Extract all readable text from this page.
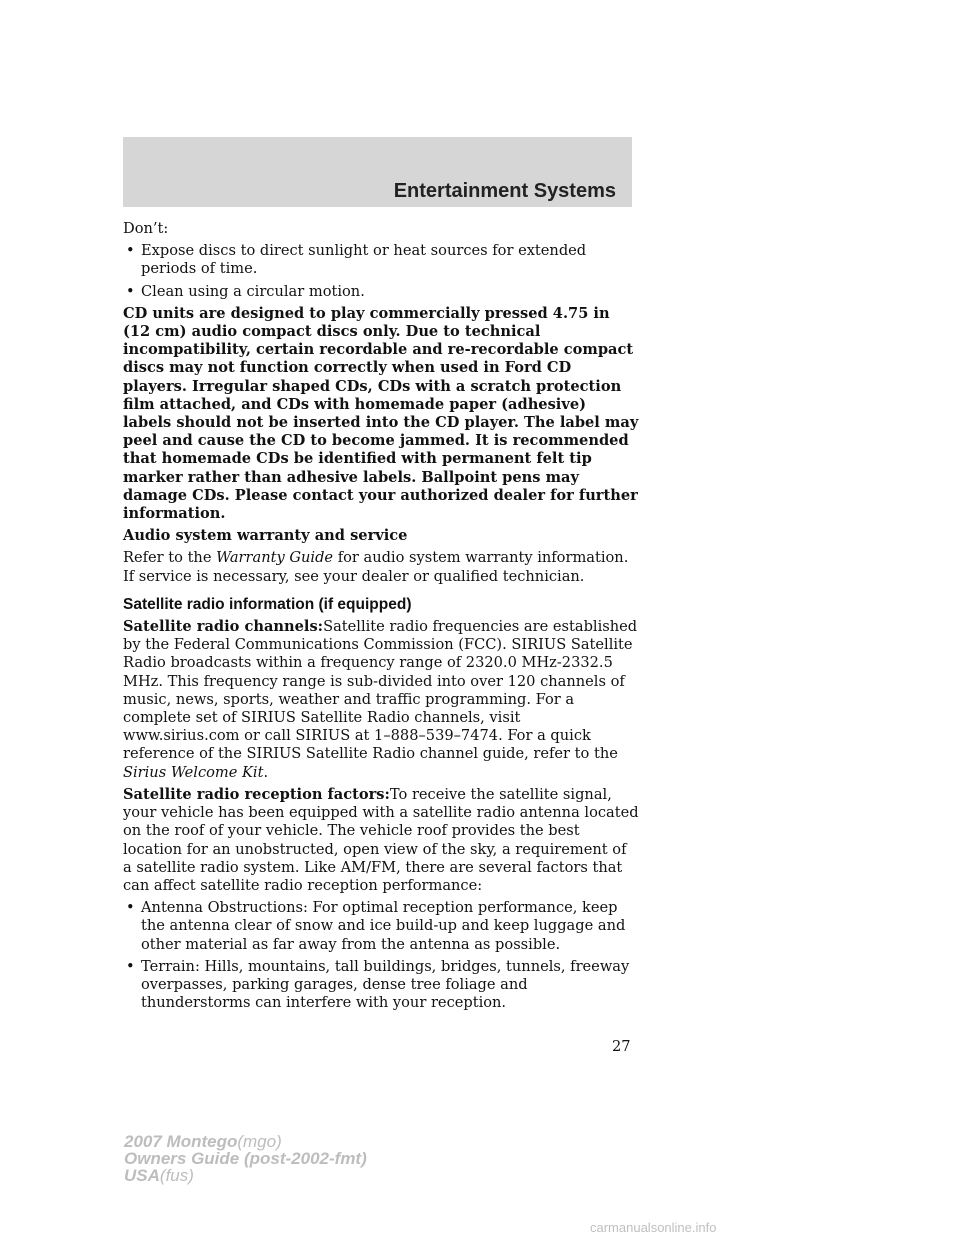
Entertainment Systems

Don’t:

• Expose discs to direct sunlight or heat sources for extended periods of time.
• Clean using a circular motion.

CD units are designed to play commercially pressed 4.75 in (12 cm) audio compact discs only. Due to technical incompatibility, certain recordable and re-recordable compact discs may not function correctly when used in Ford CD players. Irregular shaped CDs, CDs with a scratch protection film attached, and CDs with homemade paper (adhesive) labels should not be inserted into the CD player. The label may peel and cause the CD to become jammed. It is recommended that homemade CDs be identified with permanent felt tip marker rather than adhesive labels. Ballpoint pens may damage CDs. Please contact your authorized dealer for further information.

Audio system warranty and service

Refer to the Warranty Guide for audio system warranty information. If service is necessary, see your dealer or qualified technician.

Satellite radio information (if equipped)

Satellite radio channels:Satellite radio frequencies are established by the Federal Communications Commission (FCC). SIRIUS Satellite Radio broadcasts within a frequency range of 2320.0 MHz-2332.5 MHz. This frequency range is sub-divided into over 120 channels of music, news, sports, weather and traffic programming. For a complete set of SIRIUS Satellite Radio channels, visit www.sirius.com or call SIRIUS at 1–888–539–7474. For a quick reference of the SIRIUS Satellite Radio channel guide, refer to the Sirius Welcome Kit.

Satellite radio reception factors:To receive the satellite signal, your vehicle has been equipped with a satellite radio antenna located on the roof of your vehicle. The vehicle roof provides the best location for an unobstructed, open view of the sky, a requirement of a satellite radio system. Like AM/FM, there are several factors that can affect satellite radio reception performance:

• Antenna Obstructions: For optimal reception performance, keep the antenna clear of snow and ice build-up and keep luggage and other material as far away from the antenna as possible.
• Terrain: Hills, mountains, tall buildings, bridges, tunnels, freeway overpasses, parking garages, dense tree foliage and thunderstorms can interfere with your reception.
27
2007 Montego(mgo)
Owners Guide (post-2002-fmt)
USA(fus)
carmanualsonline.info
